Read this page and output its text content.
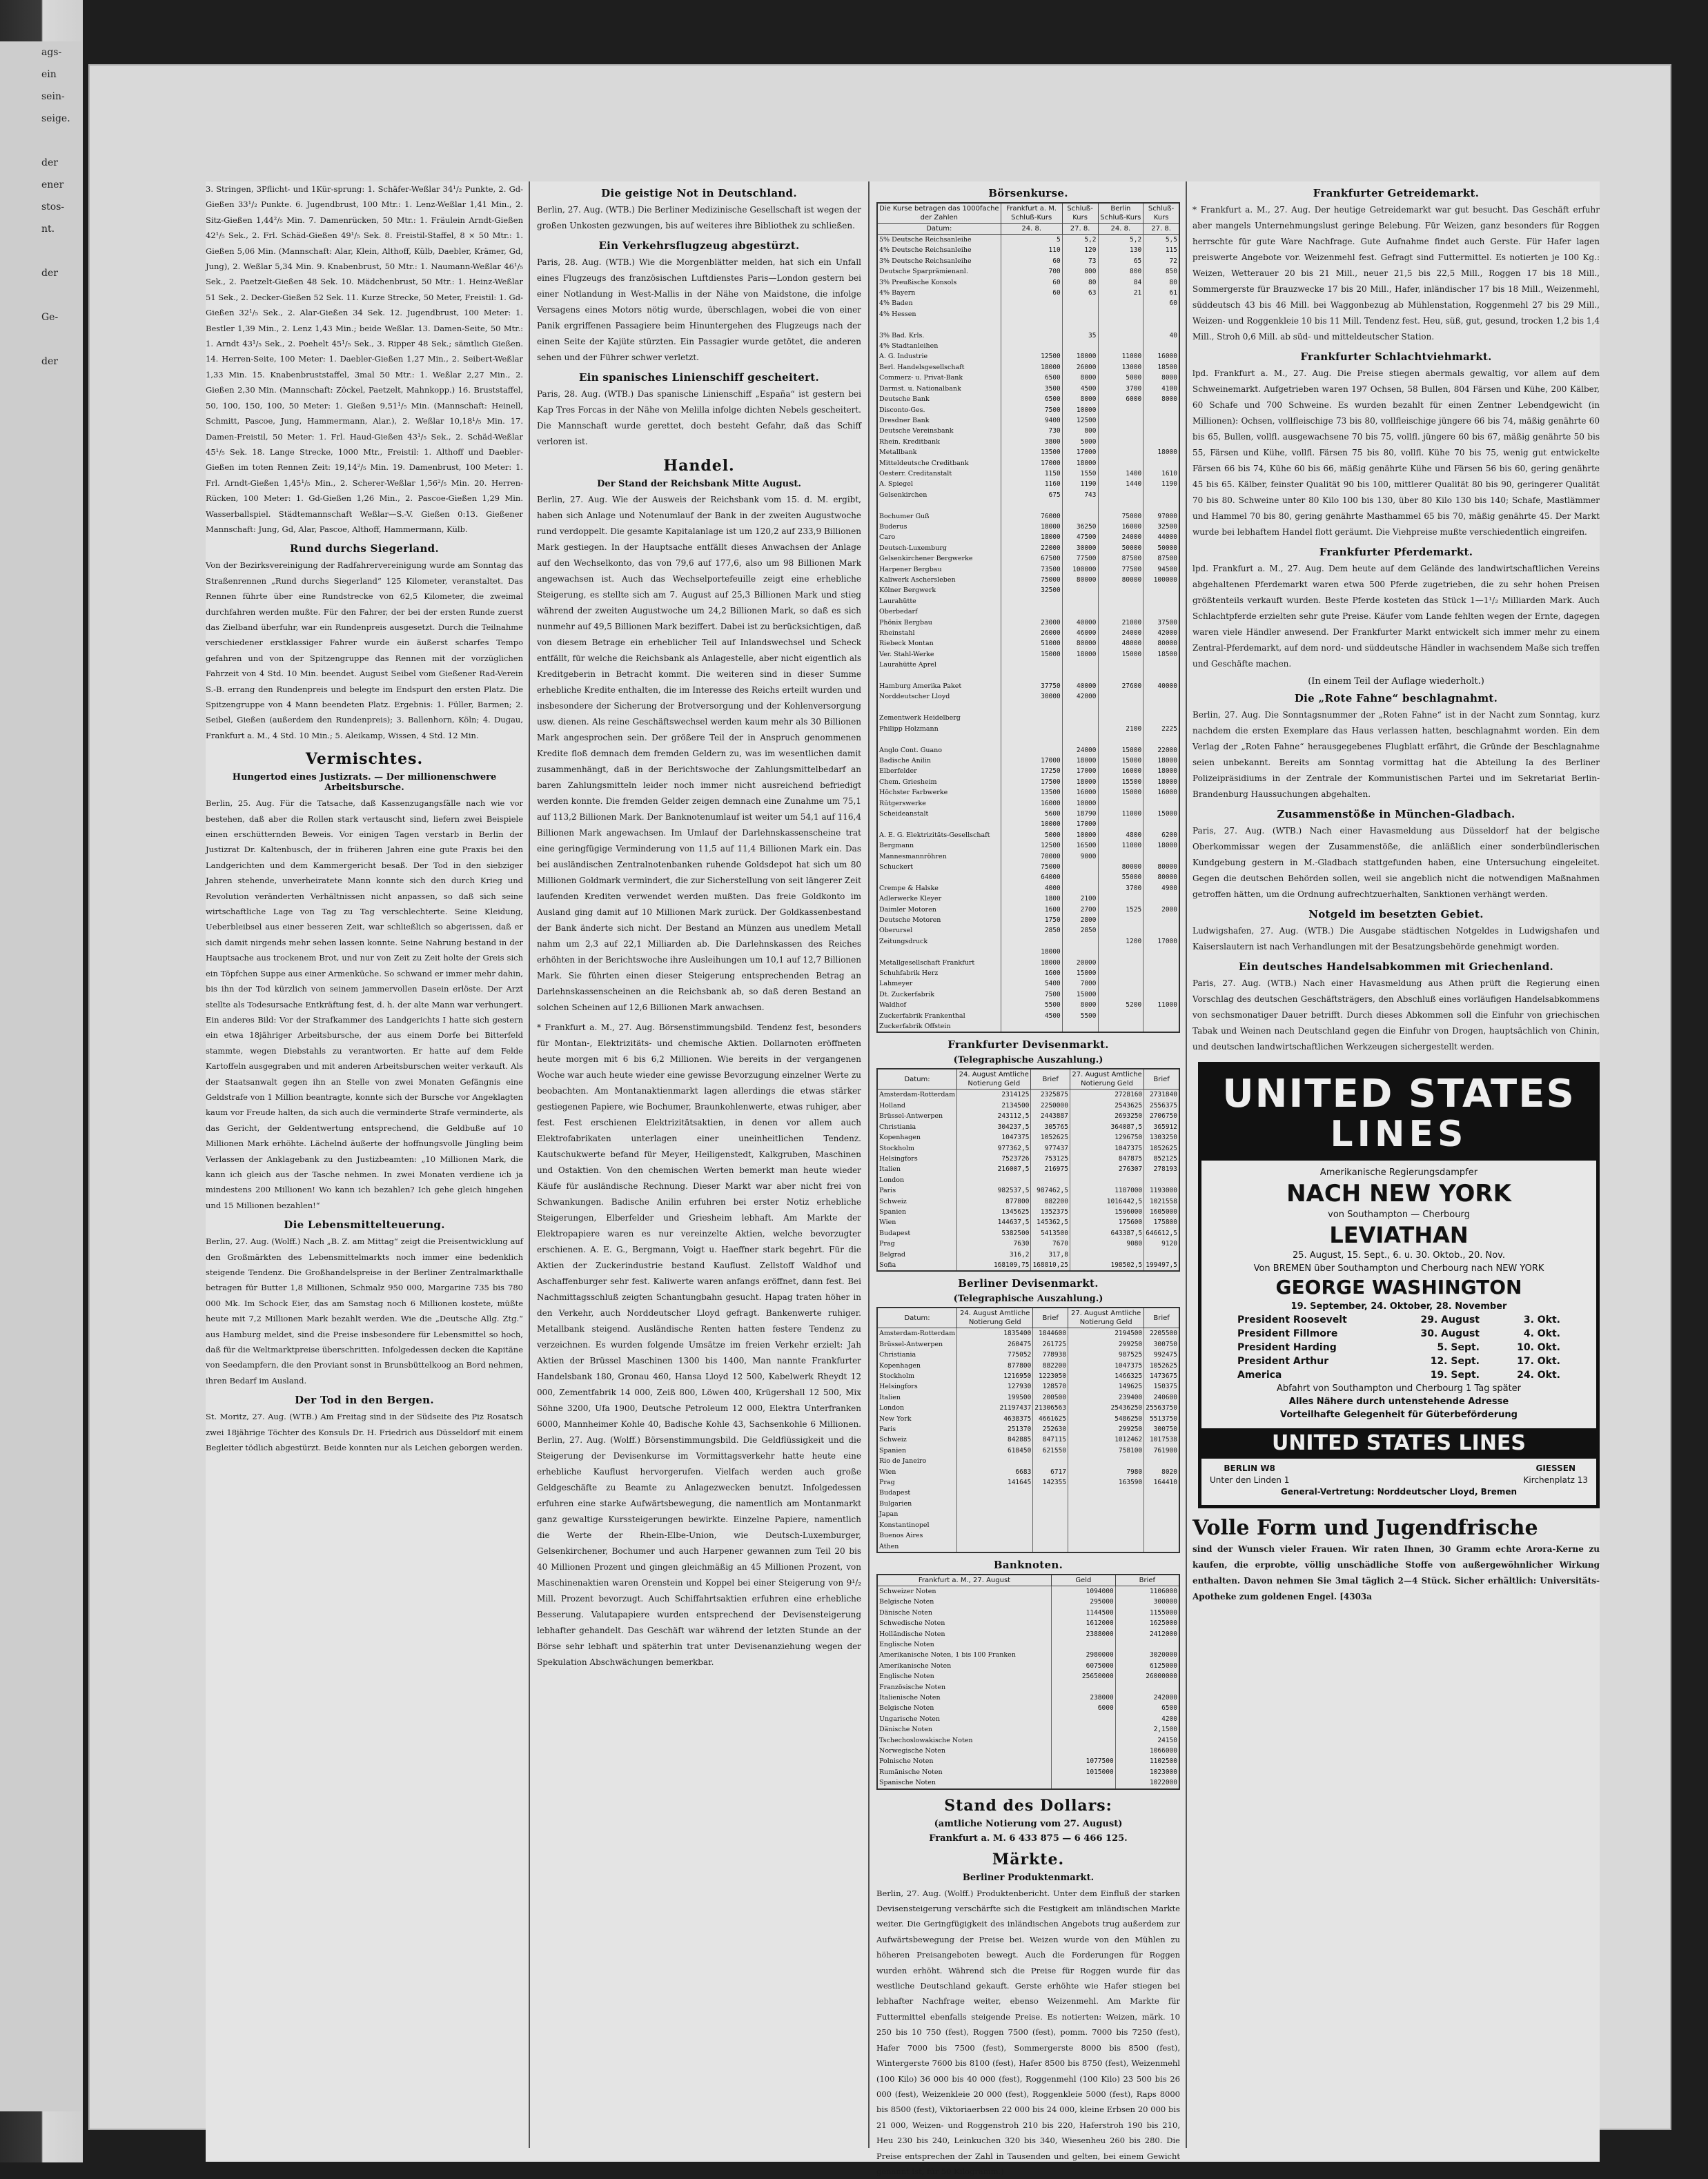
ags-
ein
sein-
seige.

der
ener
stos-
nt.

der

Ge-

der

3. Stringen, 3Pflicht- und 1Kür-sprung: 1. Schäfer-Weßlar 34¹/₂ Punkte, 2. Gd-Gießen 33¹/₂ Punkte. 6. Jugendbrust, 100 Mtr.: 1. Lenz-Weßlar 1,41 Min., 2. Sitz-Gießen 1,44²/₅ Min. 7. Damenrücken, 50 Mtr.: 1. Fräulein Arndt-Gießen 42¹/₅ Sek., 2. Frl. Schäd-Gießen 49¹/₅ Sek. 8. Freistil-Staffel, 8 × 50 Mtr.: 1. Gießen 5,06 Min. (Mannschaft: Alar, Klein, Althoff, Külb, Daebler, Krämer, Gd, Jung), 2. Weßlar 5,34 Min. 9. Knabenbrust, 50 Mtr.: 1. Naumann-Weßlar 46¹/₅ Sek., 2. Paetzelt-Gießen 48 Sek. 10. Mädchenbrust, 50 Mtr.: 1. Heinz-Weßlar 51 Sek., 2. Decker-Gießen 52 Sek. 11. Kurze Strecke, 50 Meter, Freistil: 1. Gd-Gießen 32¹/₅ Sek., 2. Alar-Gießen 34 Sek. 12. Jugendbrust, 100 Meter: 1. Bestler 1,39 Min., 2. Lenz 1,43 Min.; beide Weßlar. 13. Damen-Seite, 50 Mtr.: 1. Arndt 43¹/₅ Sek., 2. Poehelt 45¹/₅ Sek., 3. Ripper 48 Sek.; sämtlich Gießen. 14. Herren-Seite, 100 Meter: 1. Daebler-Gießen 1,27 Min., 2. Seibert-Weßlar 1,33 Min. 15. Knabenbruststaffel, 3mal 50 Mtr.: 1. Weßlar 2,27 Min., 2. Gießen 2,30 Min. (Mannschaft: Zöckel, Paetzelt, Mahnkopp.) 16. Bruststaffel, 50, 100, 150, 100, 50 Meter: 1. Gießen 9,51¹/₅ Min. (Mannschaft: Heinell, Schmitt, Pascoe, Jung, Hammermann, Alar.), 2. Weßlar 10,18¹/₅ Min. 17. Damen-Freistil, 50 Meter: 1. Frl. Haud-Gießen 43¹/₅ Sek., 2. Schäd-Weßlar 45¹/₅ Sek. 18. Lange Strecke, 1000 Mtr., Freistil: 1. Althoff und Daebler-Gießen im toten Rennen Zeit: 19,14²/₅ Min. 19. Damenbrust, 100 Meter: 1. Frl. Arndt-Gießen 1,45¹/₅ Min., 2. Scherer-Weßlar 1,56²/₅ Min. 20. Herren-Rücken, 100 Meter: 1. Gd-Gießen 1,26 Min., 2. Pascoe-Gießen 1,29 Min. Wasserballspiel. Städtemannschaft Weßlar—S.-V. Gießen 0:13. Gießener Mannschaft: Jung, Gd, Alar, Pascoe, Althoff, Hammermann, Külb.

Rund durchs Siegerland.

Von der Bezirksvereinigung der Radfahrervereinigung wurde am Sonntag das Straßenrennen „Rund durchs Siegerland“ 125 Kilometer, veranstaltet. Das Rennen führte über eine Rundstrecke von 62,5 Kilometer, die zweimal durchfahren werden mußte. Für den Fahrer, der bei der ersten Runde zuerst das Zielband überfuhr, war ein Rundenpreis ausgesetzt. Durch die Teilnahme verschiedener erstklassiger Fahrer wurde ein äußerst scharfes Tempo gefahren und von der Spitzengruppe das Rennen mit der vorzüglichen Fahrzeit von 4 Std. 10 Min. beendet. August Seibel vom Gießener Rad-Verein S.-B. errang den Rundenpreis und belegte im Endspurt den ersten Platz. Die Spitzengruppe von 4 Mann beendeten Platz. Ergebnis: 1. Füller, Barmen; 2. Seibel, Gießen (außerdem den Rundenpreis); 3. Ballenhorn, Köln; 4. Dugau, Frankfurt a. M., 4 Std. 10 Min.; 5. Aleikamp, Wissen, 4 Std. 12 Min.

Vermischtes.
Hungertod eines Justizrats. — Der millionenschwere Arbeitsbursche.

Berlin, 25. Aug. Für die Tatsache, daß Kassenzugangsfälle nach wie vor bestehen, daß aber die Rollen stark vertauscht sind, liefern zwei Beispiele einen erschütternden Beweis. Vor einigen Tagen verstarb in Berlin der Justizrat Dr. Kaltenbusch, der in früheren Jahren eine gute Praxis bei den Landgerichten und dem Kammergericht besaß. Der Tod in den siebziger Jahren stehende, unverheiratete Mann konnte sich den durch Krieg und Revolution veränderten Verhältnissen nicht anpassen, so daß sich seine wirtschaftliche Lage von Tag zu Tag verschlechterte. Seine Kleidung, Ueberbleibsel aus einer besseren Zeit, war schließlich so abgerissen, daß er sich damit nirgends mehr sehen lassen konnte. Seine Nahrung bestand in der Hauptsache aus trockenem Brot, und nur von Zeit zu Zeit holte der Greis sich ein Töpfchen Suppe aus einer Armenküche. So schwand er immer mehr dahin, bis ihn der Tod kürzlich von seinem jammervollen Dasein erlöste. Der Arzt stellte als Todesursache Entkräftung fest, d. h. der alte Mann war verhungert. Ein anderes Bild: Vor der Strafkammer des Landgerichts I hatte sich gestern ein etwa 18jähriger Arbeitsbursche, der aus einem Dorfe bei Bitterfeld stammte, wegen Diebstahls zu verantworten. Er hatte auf dem Felde Kartoffeln ausgegraben und mit anderen Arbeitsburschen weiter verkauft. Als der Staatsanwalt gegen ihn an Stelle von zwei Monaten Gefängnis eine Geldstrafe von 1 Million beantragte, konnte sich der Bursche vor Angeklagten kaum vor Freude halten, da sich auch die verminderte Strafe verminderte, als das Gericht, der Geldentwertung entsprechend, die Geldbuße auf 10 Millionen Mark erhöhte. Lächelnd äußerte der hoffnungsvolle Jüngling beim Verlassen der Anklagebank zu den Justizbeamten: „10 Millionen Mark, die kann ich gleich aus der Tasche nehmen. In zwei Monaten verdiene ich ja mindestens 200 Millionen! Wo kann ich bezahlen? Ich gehe gleich hingehen und 15 Millionen bezahlen!“

Die Lebensmittelteuerung.

Berlin, 27. Aug. (Wolff.) Nach „B. Z. am Mittag“ zeigt die Preisentwicklung auf den Großmärkten des Lebensmittelmarkts noch immer eine bedenklich steigende Tendenz. Die Großhandelspreise in der Berliner Zentralmarkthalle betragen für Butter 1,8 Millionen, Schmalz 950 000, Margarine 735 bis 780 000 Mk. Im Schock Eier, das am Samstag noch 6 Millionen kostete, müßte heute mit 7,2 Millionen Mark bezahlt werden. Wie die „Deutsche Allg. Ztg.“ aus Hamburg meldet, sind die Preise insbesondere für Lebensmittel so hoch, daß für die Weltmarktpreise überschritten. Infolgedessen decken die Kapitäne von Seedampfern, die den Proviant sonst in Brunsbüttelkoog an Bord nehmen, ihren Bedarf im Ausland.

Der Tod in den Bergen.

St. Moritz, 27. Aug. (WTB.) Am Freitag sind in der Südseite des Piz Rosatsch zwei 18jährige Töchter des Konsuls Dr. H. Friedrich aus Düsseldorf mit einem Begleiter tödlich abgestürzt. Beide konnten nur als Leichen geborgen werden.

Die geistige Not in Deutschland.

Berlin, 27. Aug. (WTB.) Die Berliner Medizinische Gesellschaft ist wegen der großen Unkosten gezwungen, bis auf weiteres ihre Bibliothek zu schließen.

Ein Verkehrsflugzeug abgestürzt.

Paris, 28. Aug. (WTB.) Wie die Morgenblätter melden, hat sich ein Unfall eines Flugzeugs des französischen Luftdienstes Paris—London gestern bei einer Notlandung in West-Mallis in der Nähe von Maidstone, die infolge Versagens eines Motors nötig wurde, überschlagen, wobei die von einer Panik ergriffenen Passagiere beim Hinuntergehen des Flugzeugs nach der einen Seite der Kajüte stürzten. Ein Passagier wurde getötet, die anderen sehen und der Führer schwer verletzt.

Ein spanisches Linienschiff gescheitert.

Paris, 28. Aug. (WTB.) Das spanische Linienschiff „España“ ist gestern bei Kap Tres Forcas in der Nähe von Melilla infolge dichten Nebels gescheitert. Die Mannschaft wurde gerettet, doch besteht Gefahr, daß das Schiff verloren ist.

Handel.
Der Stand der Reichsbank Mitte August.

Berlin, 27. Aug. Wie der Ausweis der Reichsbank vom 15. d. M. ergibt, haben sich Anlage und Notenumlauf der Bank in der zweiten Augustwoche rund verdoppelt. Die gesamte Kapitalanlage ist um 120,2 auf 233,9 Billionen Mark gestiegen. In der Hauptsache entfällt dieses Anwachsen der Anlage auf den Wechselkonto, das von 79,6 auf 177,6, also um 98 Billionen Mark angewachsen ist. Auch das Wechselportefeuille zeigt eine erhebliche Steigerung, es stellte sich am 7. August auf 25,3 Billionen Mark und stieg während der zweiten Augustwoche um 24,2 Billionen Mark, so daß es sich nunmehr auf 49,5 Billionen Mark beziffert. Dabei ist zu berücksichtigen, daß von diesem Betrage ein erheblicher Teil auf Inlandswechsel und Scheck entfällt, für welche die Reichsbank als Anlagestelle, aber nicht eigentlich als Kreditgeberin in Betracht kommt. Die weiteren sind in dieser Summe erhebliche Kredite enthalten, die im Interesse des Reichs erteilt wurden und insbesondere der Sicherung der Brotversorgung und der Kohlenversorgung usw. dienen. Als reine Geschäftswechsel werden kaum mehr als 30 Billionen Mark angesprochen sein. Der größere Teil der in Anspruch genommenen Kredite floß demnach dem fremden Geldern zu, was im wesentlichen damit zusammenhängt, daß in der Berichtswoche der Zahlungsmittelbedarf an baren Zahlungsmitteln leider noch immer nicht ausreichend befriedigt werden konnte. Die fremden Gelder zeigen demnach eine Zunahme um 75,1 auf 113,2 Billionen Mark. Der Banknotenumlauf ist weiter um 54,1 auf 116,4 Billionen Mark angewachsen. Im Umlauf der Darlehnskassenscheine trat eine geringfügige Verminderung von 11,5 auf 11,4 Billionen Mark ein. Das bei ausländischen Zentralnotenbanken ruhende Goldsdepot hat sich um 80 Millionen Goldmark vermindert, die zur Sicherstellung von seit längerer Zeit laufenden Krediten verwendet werden mußten. Das freie Goldkonto im Ausland ging damit auf 10 Millionen Mark zurück. Der Goldkassenbestand der Bank änderte sich nicht. Der Bestand an Münzen aus unedlem Metall nahm um 2,3 auf 22,1 Milliarden ab. Die Darlehnskassen des Reiches erhöhten in der Berichtswoche ihre Ausleihungen um 10,1 auf 12,7 Billionen Mark. Sie führten einen dieser Steigerung entsprechenden Betrag an Darlehnskassenscheinen an die Reichsbank ab, so daß deren Bestand an solchen Scheinen auf 12,6 Billionen Mark anwachsen.

* Frankfurt a. M., 27. Aug. Börsenstimmungsbild. Tendenz fest, besonders für Montan-, Elektrizitäts- und chemische Aktien. Dollarnoten eröffneten heute morgen mit 6 bis 6,2 Millionen. Wie bereits in der vergangenen Woche war auch heute wieder eine gewisse Bevorzugung einzelner Werte zu beobachten. Am Montanaktienmarkt lagen allerdings die etwas stärker gestiegenen Papiere, wie Bochumer, Braunkohlenwerte, etwas ruhiger, aber fest. Fest erschienen Elektrizitätsaktien, in denen vor allem auch Elektrofabrikaten unterlagen einer uneinheitlichen Tendenz. Kautschukwerte befand für Meyer, Heiligenstedt, Kalkgruben, Maschinen und Ostaktien. Von den chemischen Werten bemerkt man heute wieder Käufe für ausländische Rechnung. Dieser Markt war aber nicht frei von Schwankungen. Badische Anilin erfuhren bei erster Notiz erhebliche Steigerungen, Elberfelder und Griesheim lebhaft. Am Markte der Elektropapiere waren es nur vereinzelte Aktien, welche bevorzugter erschienen. A. E. G., Bergmann, Voigt u. Haeffner stark begehrt. Für die Aktien der Zuckerindustrie bestand Kauflust. Zellstoff Waldhof und Aschaffenburger sehr fest. Kaliwerte waren anfangs eröffnet, dann fest. Bei Nachmittagsschluß zeigten Schantungbahn gesucht. Hapag traten höher in den Verkehr, auch Norddeutscher Lloyd gefragt. Bankenwerte ruhiger. Metallbank steigend. Ausländische Renten hatten festere Tendenz zu verzeichnen. Es wurden folgende Umsätze im freien Verkehr erzielt: Jah Aktien der Brüssel Maschinen 1300 bis 1400, Man nannte Frankfurter Handelsbank 180, Gronau 460, Hansa Lloyd 12 500, Kabelwerk Rheydt 12 000, Zementfabrik 14 000, Zeiß 800, Löwen 400, Krügershall 12 500, Mix Söhne 3200, Ufa 1900, Deutsche Petroleum 12 000, Elektra Unterfranken 6000, Mannheimer Kohle 40, Badische Kohle 43, Sachsenkohle 6 Millionen. Berlin, 27. Aug. (Wolff.) Börsenstimmungsbild. Die Geldflüssigkeit und die Steigerung der Devisenkurse im Vormittagsverkehr hatte heute eine erhebliche Kauflust hervorgerufen. Vielfach werden auch große Geldgeschäfte zu Beamte zu Anlagezwecken benutzt. Infolgedessen erfuhren eine starke Aufwärtsbewegung, die namentlich am Montanmarkt ganz gewaltige Kurssteigerungen bewirkte. Einzelne Papiere, namentlich die Werte der Rhein-Elbe-Union, wie Deutsch-Luxemburger, Gelsenkirchener, Bochumer und auch Harpener gewannen zum Teil 20 bis 40 Millionen Prozent und gingen gleichmäßig an 45 Millionen Prozent, von Maschinenaktien waren Orenstein und Koppel bei einer Steigerung von 9¹/₂ Mill. Prozent bevorzugt. Auch Schiffahrtsaktien erfuhren eine erhebliche Besserung. Valutapapiere wurden entsprechend der Devisensteigerung lebhafter gehandelt. Das Geschäft war während der letzten Stunde an der Börse sehr lebhaft und späterhin trat unter Devisenanziehung wegen der Spekulation Abschwächungen bemerkbar.

Börsenkurse.
Die Kurse betragen das 1000fache der Zahlen	Frankfurt a. M. Schluß-Kurs	Schluß-Kurs	Berlin Schluß-Kurs	Schluß-Kurs
Datum:	24. 8.	27. 8.	24. 8.	27. 8.
5% Deutsche Reichsanleihe	5	5,2	5,2	5,5
4% Deutsche Reichsanleihe	110	120	130	115
3% Deutsche Reichsanleihe	60	73	65	72
Deutsche Sparprämienanl.	700	800	800	850
3% Preußische Konsols	60	80	84	80
4% Bayern	60	63	21	61
4% Baden				60
4% Hessen				

3% Bad. Krls.		35		40
4% Stadtanleihen				
A. G. Industrie	12500	18000	11000	16000
Berl. Handelsgesellschaft	18000	26000	13000	18500
Commerz- u. Privat-Bank	6500	8000	5000	8000
Darmst. u. Nationalbank	3500	4500	3700	4100
Deutsche Bank	6500	8000	6000	8000
Disconto-Ges.	7500	10000		
Dresdner Bank	9400	12500		
Deutsche Vereinsbank	730	800		
Rhein. Kreditbank	3800	5000		
Metallbank	13500	17000		18000
Mitteldeutsche Creditbank	17000	18000		
Oesterr. Creditanstalt	1150	1550	1400	1610
A. Spiegel	1160	1190	1440	1190
Gelsenkirchen	675	743		

Bochumer Guß	76000		75000	97000
Buderus	18000	36250	16000	32500
Caro	18000	47500	24000	44000
Deutsch-Luxemburg	22000	30000	50000	50000
Gelsenkirchener Bergwerke	67500	77500	87500	87500
Harpener Bergbau	73500	100000	77500	94500
Kaliwerk Aschersleben	75000	80000	80000	100000
Kölner Bergwerk	32500			
Laurahütte				
Oberbedarf				
Phönix Bergbau	23000	40000	21000	37500
Rheinstahl	26000	46000	24000	42000
Riebeck Montan	51000	80000	48000	80000
Ver. Stahl-Werke	15000	18000	15000	18500
Laurahütte Aprel				

Hamburg Amerika Paket	37750	40000	27600	40000
Norddeutscher Lloyd	30000	42000		

Zementwerk Heidelberg				
Philipp Holzmann			2100	2225

Anglo Cont. Guano		24000	15000	22000
Badische Anilin	17000	18000	15000	18000
Elberfelder	17250	17000	16000	18000
Chem. Griesheim	17500	18000	15500	18000
Höchster Farbwerke	13500	16000	15000	16000
Rütgerswerke	16000	10000		
Scheideanstalt	5600	18790	11000	15000
	10000	17000		
A. E. G. Elektrizitäts-Gesellschaft	5000	10000	4800	6200
Bergmann	12500	16500	11000	18000
Mannesmannröhren	70000	9000		
Schuckert	75000		80000	80000
	64000		55000	80000
Crempe & Halske	4000		3700	4900
Adlerwerke Kleyer	1800	2100		
Daimler Motoren	1600	2700	1525	2000
Deutsche Motoren	1750	2800		
Oberursel	2850	2850		
Zeitungsdruck			1200	17000
	18000			
Metallgesellschaft Frankfurt	18000	20000		
Schuhfabrik Herz	1600	15000		
Lahmeyer	5400	7000		
Dt. Zuckerfabrik	7500	15000		
Waldhof	5500	8000	5200	11000
Zuckerfabrik Frankenthal	4500	5500		
Zuckerfabrik Offstein				
Frankfurter Devisenmarkt.
(Telegraphische Auszahlung.)
Datum:	24. August Amtliche Notierung Geld	Brief	27. August Amtliche Notierung Geld	Brief
Amsterdam-Rotterdam	2314125	2325875	2728160	2731840
Holland	2134500	2250000	2543625	2556375
Brüssel-Antwerpen	243112,5	2443887	2693250	2706750
Christiania	304237,5	305765	364087,5	365912
Kopenhagen	1047375	1052625	1296750	1303250
Stockholm	977362,5	977437	1047375	1052625
Helsingfors	7523726	753125	847875	852125
Italien	216007,5	216975	276307	278193
London				
Paris	982537,5	987462,5	1187000	1193000
Schweiz	877800	882200	1016442,5	1021558
Spanien	1345625	1352375	1596000	1605000
Wien	144637,5	145362,5	175600	175800
Budapest	5382500	5413500	643387,5	646612,5
Prag	7630	7670	9080	9120
Belgrad	316,2	317,8		
Sofia	168109,75	168810,25	198502,5	199497,5
Berliner Devisenmarkt.
(Telegraphische Auszahlung.)
Datum:	24. August Amtliche Notierung Geld	Brief	27. August Amtliche Notierung Geld	Brief
Amsterdam-Rotterdam	1835400	1844600	2194500	2205500
Brüssel-Antwerpen	260475	261725	299250	300750
Christiania	775052	778938	987525	992475
Kopenhagen	877800	882200	1047375	1052625
Stockholm	1216950	1223050	1466325	1473675
Helsingfors	127930	128570	149625	150375
Italien	199500	200500	239400	240600
London	21197437	21306563	25436250	25563750
New York	4638375	4661625	5486250	5513750
Paris	251370	252630	299250	300750
Schweiz	842885	847115	1012462	1017538
Spanien	618450	621550	758100	761900
Rio de Janeiro				
Wien	6683	6717	7980	8020
Prag	141645	142355	163590	164410
Budapest				
Bulgarien				
Japan				
Konstantinopel				
Buenos Aires				
Athen				
Banknoten.
Frankfurt a. M., 27. August	Geld	Brief
Schweizer Noten	1094000	1106000
Belgische Noten	295000	300000
Dänische Noten	1144500	1155000
Schwedische Noten	1612000	1625000
Holländische Noten	2388000	2412000
Englische Noten		
Amerikanische Noten, 1 bis 100 Franken	2980000	3020000
Amerikanische Noten	6075000	6125000
Englische Noten	25650000	26000000
Französische Noten		
Italienische Noten	238000	242000
Belgische Noten	6000	6500
Ungarische Noten		4200
Dänische Noten		2,1500
Tschechoslowakische Noten		24150
Norwegische Noten		1066000
Polnische Noten	1077500	1102500
Rumänische Noten	1015000	1023000
Spanische Noten		1022000
Stand des Dollars:
(amtliche Notierung vom 27. August)
Frankfurt a. M. 6 433 875 — 6 466 125.
Märkte.
Berliner Produktenmarkt.

Berlin, 27. Aug. (Wolff.) Produktenbericht. Unter dem Einfluß der starken Devisensteigerung verschärfte sich die Festigkeit am inländischen Markte weiter. Die Geringfügigkeit des inländischen Angebots trug außerdem zur Aufwärtsbewegung der Preise bei. Weizen wurde von den Mühlen zu höheren Preisangeboten bewegt. Auch die Forderungen für Roggen wurden erhöht. Während sich die Preise für Roggen wurde für das westliche Deutschland gekauft. Gerste erhöhte wie Hafer stiegen bei lebhafter Nachfrage weiter, ebenso Weizenmehl. Am Markte für Futtermittel ebenfalls steigende Preise. Es notierten: Weizen, märk. 10 250 bis 10 750 (fest), Roggen 7500 (fest), pomm. 7000 bis 7250 (fest), Hafer 7000 bis 7500 (fest), Sommergerste 8000 bis 8500 (fest), Wintergerste 7600 bis 8100 (fest), Hafer 8500 bis 8750 (fest), Weizenmehl (100 Kilo) 36 000 bis 40 000 (fest), Roggenmehl (100 Kilo) 23 500 bis 26 000 (fest), Weizenkleie 20 000 (fest), Roggenkleie 5000 (fest), Raps 8000 bis 8500 (fest), Viktoriaerbsen 22 000 bis 24 000, kleine Erbsen 20 000 bis 21 000, Weizen- und Roggenstroh 210 bis 220, Haferstroh 190 bis 210, Heu 230 bis 240, Leinkuchen 320 bis 340, Wiesenheu 260 bis 280. Die Preise entsprechen der Zahl in Tausenden und gelten, bei einem Gewicht genannt ist, für 50 Kilogramm.)

Frankfurter Getreidemarkt.

* Frankfurt a. M., 27. Aug. Der heutige Getreidemarkt war gut besucht. Das Geschäft erfuhr aber mangels Unternehmungslust geringe Belebung. Für Weizen, ganz besonders für Roggen herrschte für gute Ware Nachfrage. Gute Aufnahme findet auch Gerste. Für Hafer lagen preiswerte Angebote vor. Weizenmehl fest. Gefragt sind Futtermittel. Es notierten je 100 Kg.: Weizen, Wetterauer 20 bis 21 Mill., neuer 21,5 bis 22,5 Mill., Roggen 17 bis 18 Mill., Sommergerste für Brauzwecke 17 bis 20 Mill., Hafer, inländischer 17 bis 18 Mill., Weizenmehl, süddeutsch 43 bis 46 Mill. bei Waggonbezug ab Mühlenstation, Roggenmehl 27 bis 29 Mill., Weizen- und Roggenkleie 10 bis 11 Mill. Tendenz fest. Heu, süß, gut, gesund, trocken 1,2 bis 1,4 Mill., Stroh 0,6 Mill. ab süd- und mitteldeutscher Station.

Frankfurter Schlachtviehmarkt.

lpd. Frankfurt a. M., 27. Aug. Die Preise stiegen abermals gewaltig, vor allem auf dem Schweinemarkt. Aufgetrieben waren 197 Ochsen, 58 Bullen, 804 Färsen und Kühe, 200 Kälber, 60 Schafe und 700 Schweine. Es wurden bezahlt für einen Zentner Lebendgewicht (in Millionen): Ochsen, vollfleischige 73 bis 80, vollfleischige jüngere 66 bis 74, mäßig genährte 60 bis 65, Bullen, vollfl. ausgewachsene 70 bis 75, vollfl. jüngere 60 bis 67, mäßig genährte 50 bis 55, Färsen und Kühe, vollfl. Färsen 75 bis 80, vollfl. Kühe 70 bis 75, wenig gut entwickelte Färsen 66 bis 74, Kühe 60 bis 66, mäßig genährte Kühe und Färsen 56 bis 60, gering genährte 45 bis 65. Kälber, feinster Qualität 90 bis 100, mittlerer Qualität 80 bis 90, geringerer Qualität 70 bis 80. Schweine unter 80 Kilo 100 bis 130, über 80 Kilo 130 bis 140; Schafe, Mastlämmer und Hammel 70 bis 80, gering genährte Masthammel 65 bis 70, mäßig genährte 45. Der Markt wurde bei lebhaftem Handel flott geräumt. Die Viehpreise mußte verschiedentlich eingreifen.

Frankfurter Pferdemarkt.

lpd. Frankfurt a. M., 27. Aug. Dem heute auf dem Gelände des landwirtschaftlichen Vereins abgehaltenen Pferdemarkt waren etwa 500 Pferde zugetrieben, die zu sehr hohen Preisen größtenteils verkauft wurden. Beste Pferde kosteten das Stück 1—1¹/₂ Milliarden Mark. Auch Schlachtpferde erzielten sehr gute Preise. Käufer vom Lande fehlten wegen der Ernte, dagegen waren viele Händler anwesend. Der Frankfurter Markt entwickelt sich immer mehr zu einem Zentral-Pferdemarkt, auf dem nord- und süddeutsche Händler in wachsendem Maße sich treffen und Geschäfte machen.

(In einem Teil der Auflage wiederholt.)
Die „Rote Fahne“ beschlagnahmt.

Berlin, 27. Aug. Die Sonntagsnummer der „Roten Fahne“ ist in der Nacht zum Sonntag, kurz nachdem die ersten Exemplare das Haus verlassen hatten, beschlagnahmt worden. Ein dem Verlag der „Roten Fahne“ herausgegebenes Flugblatt erfährt, die Gründe der Beschlagnahme seien unbekannt. Bereits am Sonntag vormittag hat die Abteilung Ia des Berliner Polizeipräsidiums in der Zentrale der Kommunistischen Partei und im Sekretariat Berlin-Brandenburg Haussuchungen abgehalten.

Zusammenstöße in München-Gladbach.

Paris, 27. Aug. (WTB.) Nach einer Havasmeldung aus Düsseldorf hat der belgische Oberkommissar wegen der Zusammenstöße, die anläßlich einer sonderbündlerischen Kundgebung gestern in M.-Gladbach stattgefunden haben, eine Untersuchung eingeleitet. Gegen die deutschen Behörden sollen, weil sie angeblich nicht die notwendigen Maßnahmen getroffen hätten, um die Ordnung aufrechtzuerhalten, Sanktionen verhängt werden.

Notgeld im besetzten Gebiet.

Ludwigshafen, 27. Aug. (WTB.) Die Ausgabe städtischen Notgeldes in Ludwigshafen und Kaiserslautern ist nach Verhandlungen mit der Besatzungsbehörde genehmigt worden.

Ein deutsches Handelsabkommen mit Griechenland.

Paris, 27. Aug. (WTB.) Nach einer Havasmeldung aus Athen prüft die Regierung einen Vorschlag des deutschen Geschäftsträgers, den Abschluß eines vorläufigen Handelsabkommens von sechsmonatiger Dauer betrifft. Durch dieses Abkommen soll die Einfuhr von griechischen Tabak und Weinen nach Deutschland gegen die Einfuhr von Drogen, hauptsächlich von Chinin, und deutschen landwirtschaftlichen Werkzeugen sichergestellt werden.

UNITED STATES
LINES
Amerikanische Regierungsdampfer
NACH NEW YORK
von Southampton — Cherbourg
LEVIATHAN
25. August, 15. Sept., 6. u. 30. Oktob., 20. Nov.
Von BREMEN über Southampton und Cherbourg nach NEW YORK
GEORGE WASHINGTON
19. September, 24. Oktober, 28. November
President Roosevelt	29. August	3. Okt.
President Fillmore	30. August	4. Okt.
President Harding	5. Sept.	10. Okt.
President Arthur	12. Sept.	17. Okt.
America	19. Sept.	24. Okt.
Abfahrt von Southampton und Cherbourg 1 Tag später
Alles Nähere durch untenstehende Adresse
Vorteilhafte Gelegenheit für Güterbeförderung
UNITED STATES LINES
BERLIN W8
Unter den Linden 1
GIESSEN
Kirchenplatz 13
General-Vertretung: Norddeutscher Lloyd, Bremen
Volle Form und Jugendfrische

sind der Wunsch vieler Frauen. Wir raten Ihnen, 30 Gramm echte Arora-Kerne zu kaufen, die erprobte, völlig unschädliche Stoffe von außergewöhnlicher Wirkung enthalten. Davon nehmen Sie 3mal täglich 2—4 Stück. Sicher erhältlich: Universitäts-Apotheke zum goldenen Engel. [4303a
